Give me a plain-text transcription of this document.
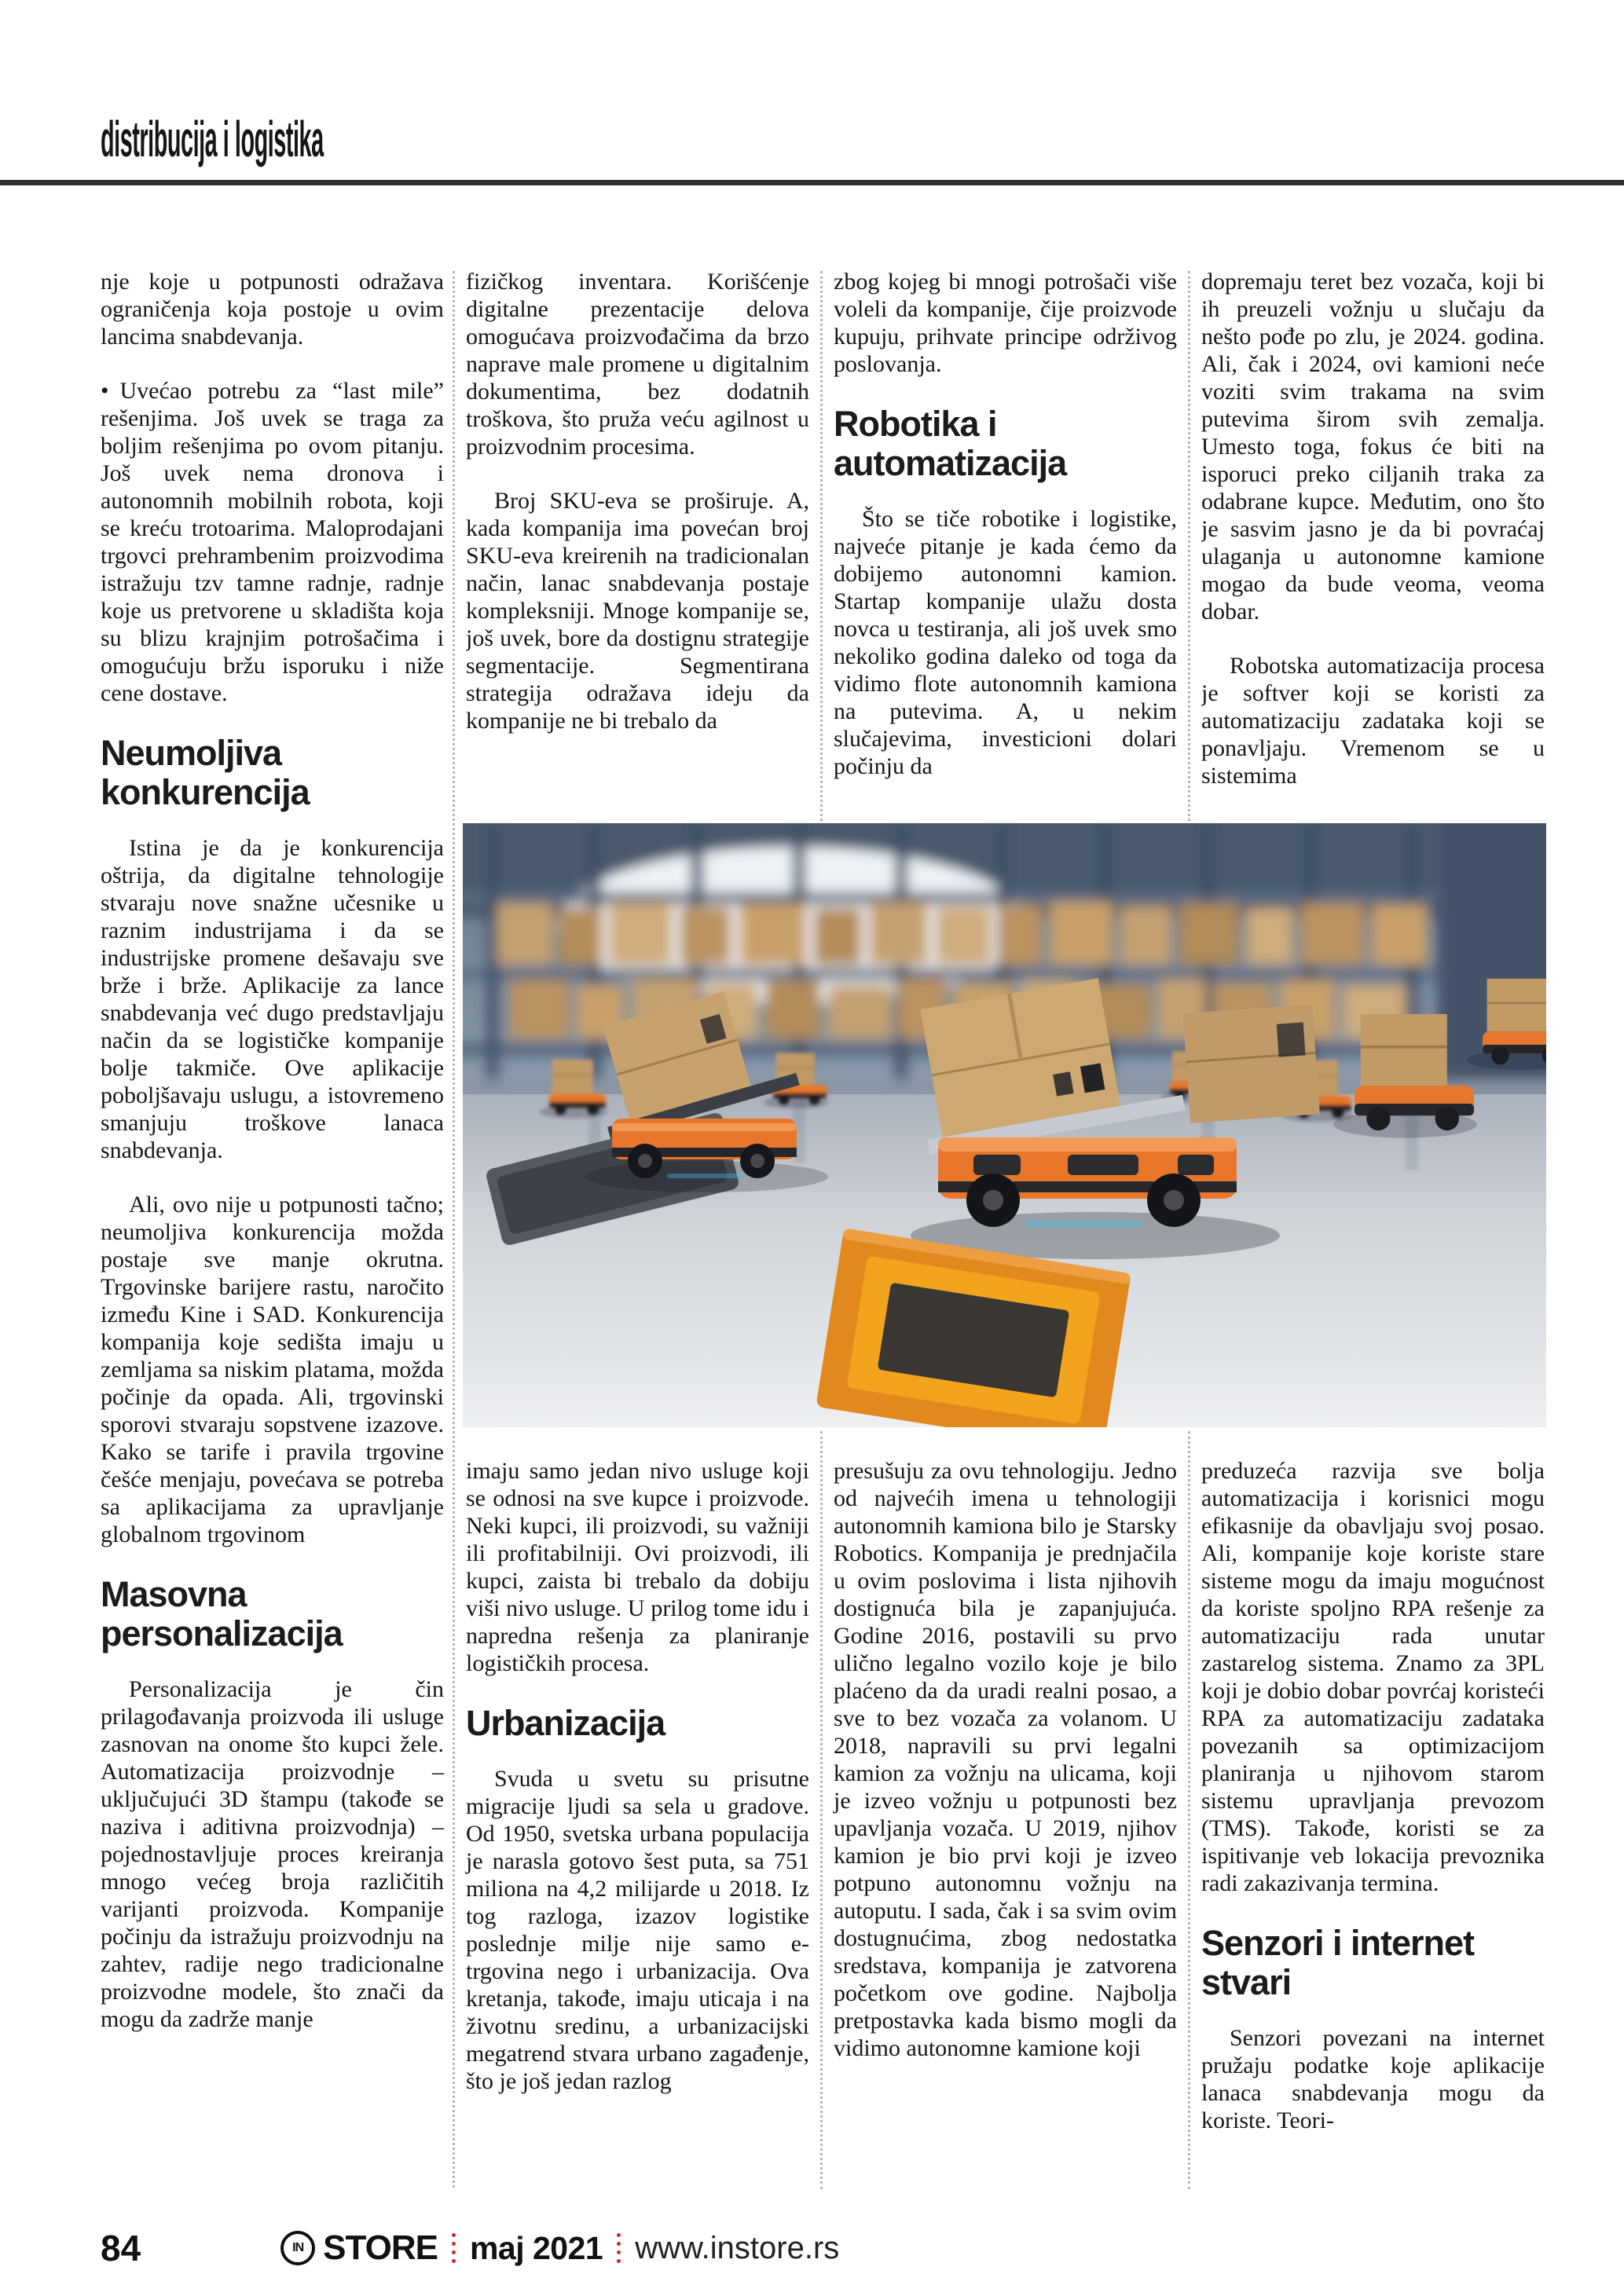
distribucija i logistika

nje koje u potpunosti odražava ograničenja koja postoje u ovim lancima snabdevanja.

• Uvećao potrebu za “last mile” rešenjima. Još uvek se traga za boljim rešenjima po ovom pitanju. Još uvek nema dronova i autonomnih mobilnih robota, koji se kreću trotoarima. Maloprodajani trgovci prehrambenim proizvodima istražuju tzv tamne radnje, radnje koje us pretvorene u skladišta koja su blizu krajnjim potrošačima i omogućuju bržu isporuku i niže cene dostave.

Neumoljiva konkurencija

Istina je da je konkurencija oštrija, da digitalne tehnologije stvaraju nove snažne učesnike u raznim industrijama i da se industrijske promene dešavaju sve brže i brže. Aplikacije za lance snabdevanja već dugo predstavljaju način da se logističke kompanije bolje takmiče. Ove aplikacije poboljšavaju uslugu, a istovremeno smanjuju troškove lanaca snabdevanja.

Ali, ovo nije u potpunosti tačno; neumoljiva konkurencija možda postaje sve manje okrutna. Trgovinske barijere rastu, naročito između Kine i SAD. Konkurencija kompanija koje sedišta imaju u zemljama sa niskim platama, možda počinje da opada. Ali, trgovinski sporovi stvaraju sopstvene izazove. Kako se tarife i pravila trgovine češće menjaju, povećava se potreba sa aplikacijama za upravljanje globalnom trgovinom

Masovna personalizacija

Personalizacija je čin prilagođavanja proizvoda ili usluge zasnovan na onome što kupci žele. Automatizacija proizvodnje – uključujući 3D štampu (takođe se naziva i aditivna proizvodnja) – pojednostavljuje proces kreiranja mnogo većeg broja različitih varijanti proizvoda. Kompanije počinju da istražuju proizvodnju na zahtev, radije nego tradicionalne proizvodne modele, što znači da mogu da zadrže manje

fizičkog inventara. Korišćenje digitalne prezentacije delova omogućava proizvođačima da brzo naprave male promene u digitalnim dokumentima, bez dodatnih troškova, što pruža veću agilnost u proizvodnim procesima.

Broj SKU-eva se proširuje. A, kada kompanija ima povećan broj SKU-eva kreirenih na tradicionalan način, lanac snabdevanja postaje kompleksniji. Mnoge kompanije se, još uvek, bore da dostignu strategije segmentacije. Segmentirana strategija odražava ideju da kompanije ne bi trebalo da

imaju samo jedan nivo usluge koji se odnosi na sve kupce i proizvode. Neki kupci, ili proizvodi, su važniji ili profitabilniji. Ovi proizvodi, ili kupci, zaista bi trebalo da dobiju viši nivo usluge. U prilog tome idu i napredna rešenja za planiranje logističkih procesa.

Urbanizacija

Svuda u svetu su prisutne migracije ljudi sa sela u gradove. Od 1950, svetska urbana populacija je narasla gotovo šest puta, sa 751 miliona na 4,2 milijarde u 2018. Iz tog razloga, izazov logistike poslednje milje nije samo e-trgovina nego i urbanizacija. Ova kretanja, takođe, imaju uticaja i na životnu sredinu, a urbanizacijski megatrend stvara urbano zagađenje, što je još jedan razlog

zbog kojeg bi mnogi potrošači više voleli da kompanije, čije proizvode kupuju, prihvate principe održivog poslovanja.

Robotika i automatizacija

Što se tiče robotike i logistike, najveće pitanje je kada ćemo da dobijemo autonomni kamion. Startap kompanije ulažu dosta novca u testiranja, ali još uvek smo nekoliko godina daleko od toga da vidimo flote autonomnih kamiona na putevima. A, u nekim slučajevima, investicioni dolari počinju da

presušuju za ovu tehnologiju. Jedno od najvećih imena u tehnologiji autonomnih kamiona bilo je Starsky Robotics. Kompanija je prednjačila u ovim poslovima i lista njihovih dostignuća bila je zapanjujuća. Godine 2016, postavili su prvo ulično legalno vozilo koje je bilo plaćeno da da uradi realni posao, a sve to bez vozača za volanom. U 2018, napravili su prvi legalni kamion za vožnju na ulicama, koji je izveo vožnju u potpunosti bez upavljanja vozača. U 2019, njihov kamion je bio prvi koji je izveo potpuno autonomnu vožnju na autoputu. I sada, čak i sa svim ovim dostugnućima, zbog nedostatka sredstava, kompanija je zatvorena početkom ove godine. Najbolja pretpostavka kada bismo mogli da vidimo autonomne kamione koji

dopremaju teret bez vozača, koji bi ih preuzeli vožnju u slučaju da nešto pođe po zlu, je 2024. godina. Ali, čak i 2024, ovi kamioni neće voziti svim trakama na svim putevima širom svih zemalja. Umesto toga, fokus će biti na isporuci preko ciljanih traka za odabrane kupce. Međutim, ono što je sasvim jasno je da bi povraćaj ulaganja u autonomne kamione mogao da bude veoma, veoma dobar.

Robotska automatizacija procesa je softver koji se koristi za automatizaciju zadataka koji se ponavljaju. Vremenom se u sistemima

preduzeća razvija sve bolja automatizacija i korisnici mogu efikasnije da obavljaju svoj posao. Ali, kompanije koje koriste stare sisteme mogu da imaju mogućnost da koriste spoljno RPA rešenje za automatizaciju rada unutar zastarelog sistema. Znamo za 3PL koji je dobio dobar povrćaj koristeći RPA za automatizaciju zadataka povezanih sa optimizacijom planiranja u njihovom starom sistemu upravljanja prevozom (TMS). Takođe, koristi se za ispitivanje veb lokacija prevoznika radi zakazivanja termina.

Senzori i internet stvari

Senzori povezani na internet pružaju podatke koje aplikacije lanaca snabdevanja mogu da koriste. Teori-

84	IN STORE maj 2021 www.instore.rs
